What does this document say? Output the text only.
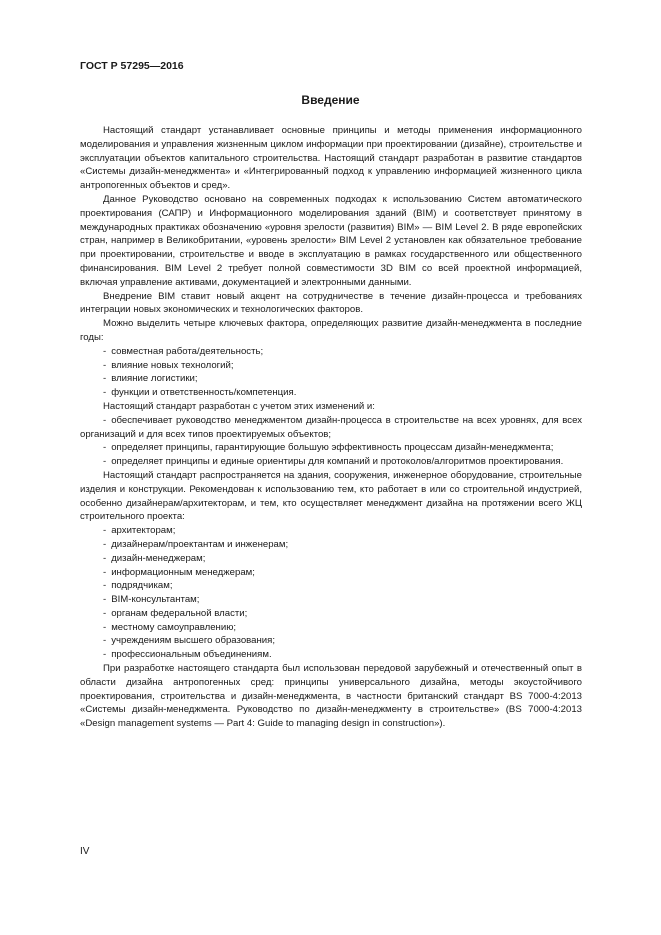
ГОСТ Р 57295—2016
Введение

Настоящий стандарт устанавливает основные принципы и методы применения информационного моделирования и управления жизненным циклом информации при проектировании (дизайне), строительстве и эксплуатации объектов капитального строительства. Настоящий стандарт разработан в развитие стандартов «Системы дизайн-менеджмента» и «Интегрированный подход к управлению информацией жизненного цикла антропогенных объектов и сред».

Данное Руководство основано на современных подходах к использованию Систем автоматического проектирования (САПР) и Информационного моделирования зданий (BIM) и соответствует принятому в международных практиках обозначению «уровня зрелости (развития) BIM» — BIM Level 2. В ряде европейских стран, например в Великобритании, «уровень зрелости» BIM Level 2 установлен как обязательное требование при проектировании, строительстве и вводе в эксплуатацию в рамках государственного или общественного финансирования. BIM Level 2 требует полной совместимости 3D BIM со всей проектной информацией, включая управление активами, документацией и электронными данными.

Внедрение BIM ставит новый акцент на сотрудничестве в течение дизайн-процесса и требованиях интеграции новых экономических и технологических факторов.

Можно выделить четыре ключевых фактора, определяющих развитие дизайн-менеджмента в последние годы:

- совместная работа/деятельность;
- влияние новых технологий;
- влияние логистики;
- функции и ответственность/компетенция.

Настоящий стандарт разработан с учетом этих изменений и:

- обеспечивает руководство менеджментом дизайн-процесса в строительстве на всех уровнях, для всех организаций и для всех типов проектируемых объектов;
- определяет принципы, гарантирующие большую эффективность процессам дизайн-менеджмента;
- определяет принципы и единые ориентиры для компаний и протоколов/алгоритмов проектирования.

Настоящий стандарт распространяется на здания, сооружения, инженерное оборудование, строительные изделия и конструкции. Рекомендован к использованию тем, кто работает в или со строительной индустрией, особенно дизайнерам/архитекторам, и тем, кто осуществляет менеджмент дизайна на протяжении всего ЖЦ строительного проекта:

- архитекторам;
- дизайнерам/проектантам и инженерам;
- дизайн-менеджерам;
- информационным менеджерам;
- подрядчикам;
- BIM-консультантам;
- органам федеральной власти;
- местному самоуправлению;
- учреждениям высшего образования;
- профессиональным объединениям.

При разработке настоящего стандарта был использован передовой зарубежный и отечественный опыт в области дизайна антропогенных сред: принципы универсального дизайна, методы экоустойчивого проектирования, строительства и дизайн-менеджмента, в частности британский стандарт BS 7000-4:2013 «Системы дизайн-менеджмента. Руководство по дизайн-менеджменту в строительстве» (BS 7000-4:2013 «Design management systems — Part 4: Guide to managing design in construction»).

IV
